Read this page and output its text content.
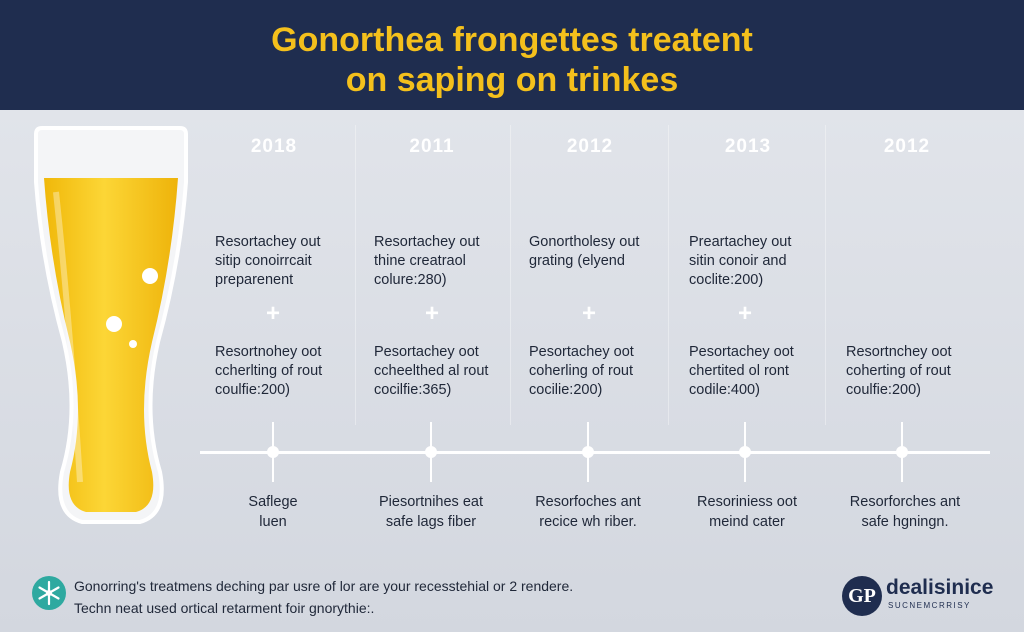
Gonorthea frongettes treatent
on saping on trinkes
2018
Resortachey out
sitip conoirrcait
preparenent
+
Resortnohey oot
ccherlting of rout
coulfie:200)
2011
Resortachey out
thine creatraol
colure:280)
+
Pesortachey oot
ccheelthed al rout
cocilfie:365)
2012
Gonortholesy out
grating (elyend
+
Pesortachey oot
coherling of rout
cocilie:200)
2013
Preartachey out
sitin conoir and
coclite:200)
+
Pesortachey oot
chertited ol ront
codile:400)
2012
Resortnchey oot
coherting of rout
coulfie:200)
Saflege
luen
Piesortnihes eat
safe lags fiber
Resorfoches ant
recice wh riber.
Resoriniess oot
meind cater
Resorforches ant
safe hgningn.
Gonorring's treatmens deching par usre of lor are your recesstehial or 2 rendere.
Techn neat used ortical retarment foir gnorythie:.
GP dealisinice
SUCNEMCRRISY
